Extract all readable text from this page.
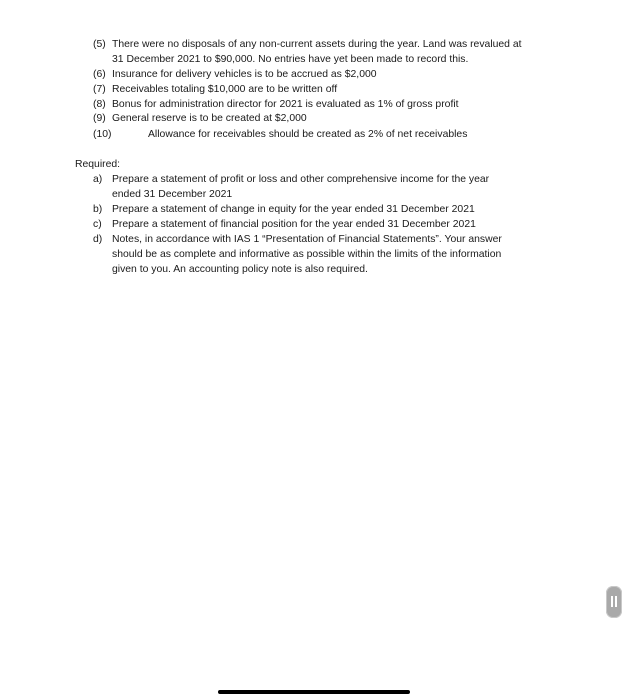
(5) There were no disposals of any non-current assets during the year. Land was revalued at
31 December 2021 to $90,000. No entries have yet been made to record this.
(6) Insurance for delivery vehicles is to be accrued as $2,000
(7) Receivables totaling $10,000 are to be written off
(8) Bonus for administration director for 2021 is evaluated as 1% of gross profit
(9) General reserve is to be created at $2,000
(10)	Allowance for receivables should be created as 2% of net receivables
Required:
a) Prepare a statement of profit or loss and other comprehensive income for the year
ended 31 December 2021
b) Prepare a statement of change in equity for the year ended 31 December 2021
c) Prepare a statement of financial position for the year ended 31 December 2021
d) Notes, in accordance with IAS 1 “Presentation of Financial Statements”. Your answer
should be as complete and informative as possible within the limits of the information
given to you. An accounting policy note is also required.
